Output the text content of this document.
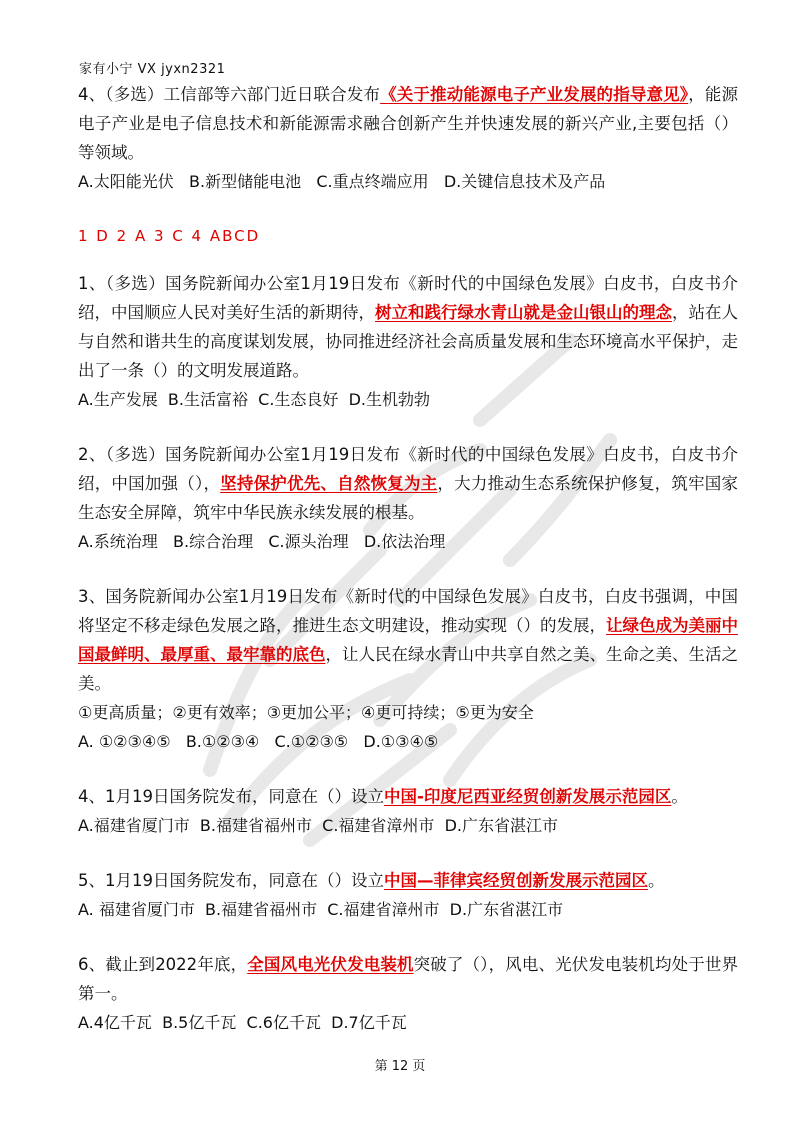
家有小宁 VX jyxn2321
4、（多选）工信部等六部门近日联合发布《关于推动能源电子产业发展的指导意见》，能源电子产业是电子信息技术和新能源需求融合创新产生并快速发展的新兴产业,主要包括（）等领域。
A.太阳能光伏   B.新型储能电池   C.重点终端应用   D.关键信息技术及产品
1 D 2 A 3 C 4 ABCD
1、（多选）国务院新闻办公室1月19日发布《新时代的中国绿色发展》白皮书，白皮书介绍，中国顺应人民对美好生活的新期待，树立和践行绿水青山就是金山银山的理念，站在人与自然和谐共生的高度谋划发展，协同推进经济社会高质量发展和生态环境高水平保护，走出了一条（）的文明发展道路。
A.生产发展  B.生活富裕  C.生态良好  D.生机勃勃
2、（多选）国务院新闻办公室1月19日发布《新时代的中国绿色发展》白皮书，白皮书介绍，中国加强（），坚持保护优先、自然恢复为主，大力推动生态系统保护修复，筑牢国家生态安全屏障，筑牢中华民族永续发展的根基。
A.系统治理   B.综合治理   C.源头治理   D.依法治理
3、国务院新闻办公室1月19日发布《新时代的中国绿色发展》白皮书，白皮书强调，中国将坚定不移走绿色发展之路，推进生态文明建设，推动实现（）的发展，让绿色成为美丽中国最鲜明、最厚重、最牢靠的底色，让人民在绿水青山中共享自然之美、生命之美、生活之美。
①更高质量；②更有效率；③更加公平；④更可持续；⑤更为安全
A. ①②③④⑤   B.①②③④   C.①②③⑤   D.①③④⑤
4、1月19日国务院发布，同意在（）设立中国-印度尼西亚经贸创新发展示范园区。
A.福建省厦门市  B.福建省福州市  C.福建省漳州市  D.广东省湛江市
5、1月19日国务院发布，同意在（）设立中国—菲律宾经贸创新发展示范园区。
A. 福建省厦门市  B.福建省福州市  C.福建省漳州市  D.广东省湛江市
6、截止到2022年底，全国风电光伏发电装机突破了（），风电、光伏发电装机均处于世界第一。
A.4亿千瓦  B.5亿千瓦  C.6亿千瓦  D.7亿千瓦
第 12 页
